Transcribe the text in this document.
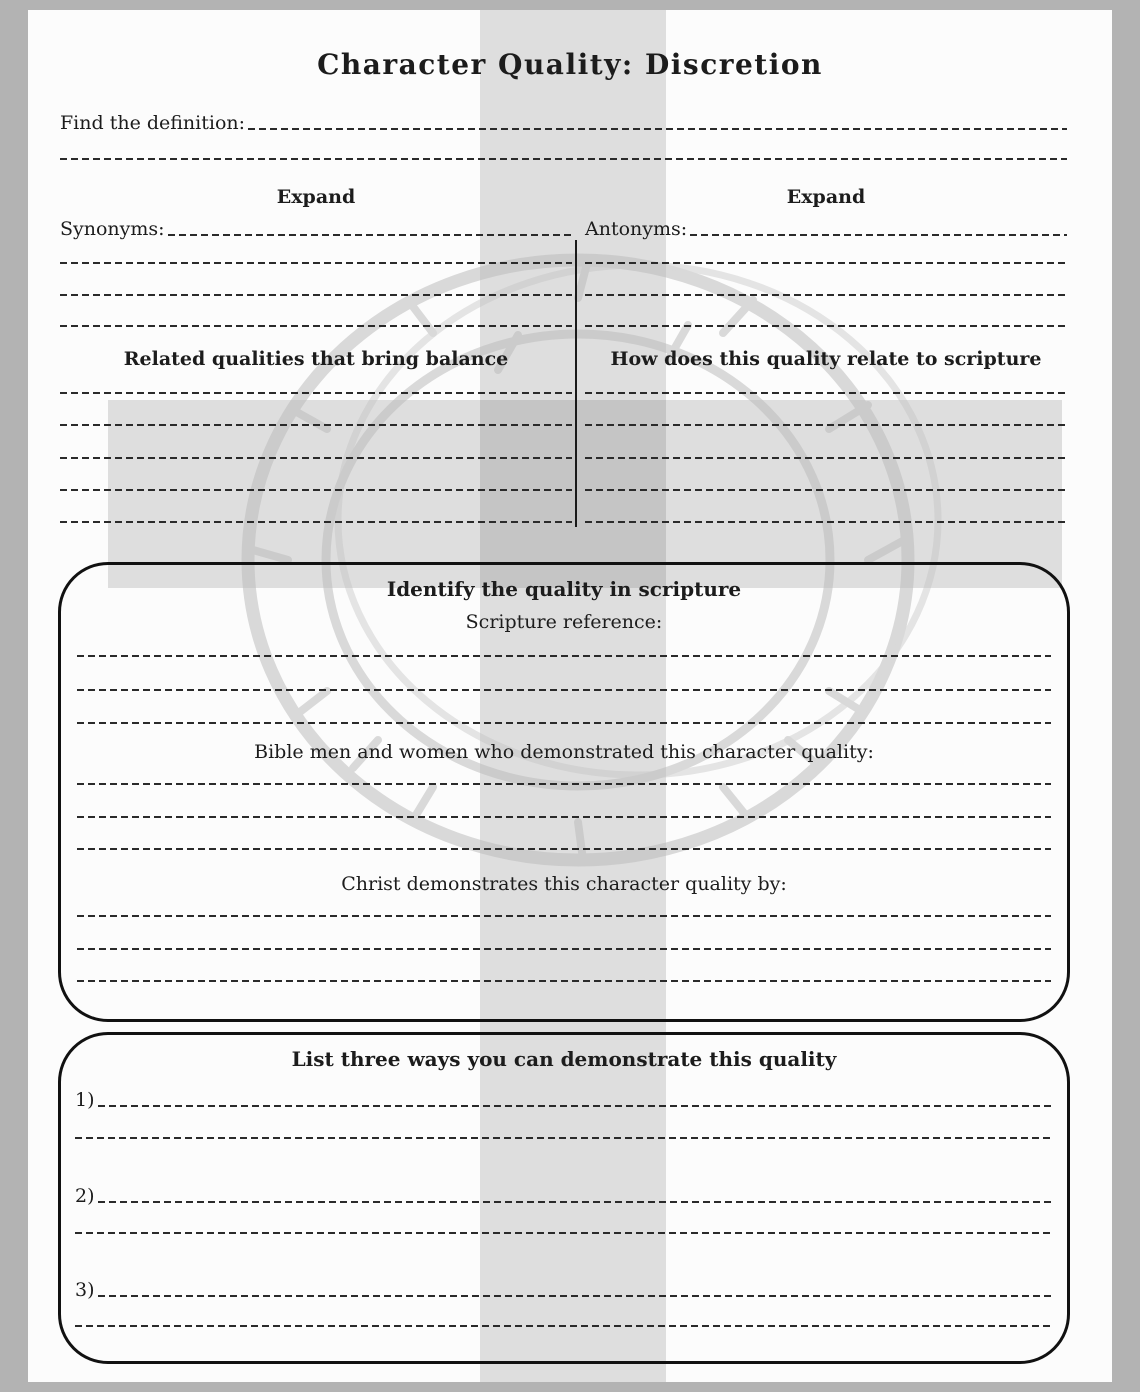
Character Quality: Discretion
Find the definition:
Expand
Synonyms:
Related qualities that bring balance
Expand
Antonyms:
How does this quality relate to scripture
Identify the quality in scripture
Scripture reference:
Bible men and women who demonstrated this character quality:
Christ demonstrates this character quality by:
List three ways you can demonstrate this quality
1)
2)
3)
